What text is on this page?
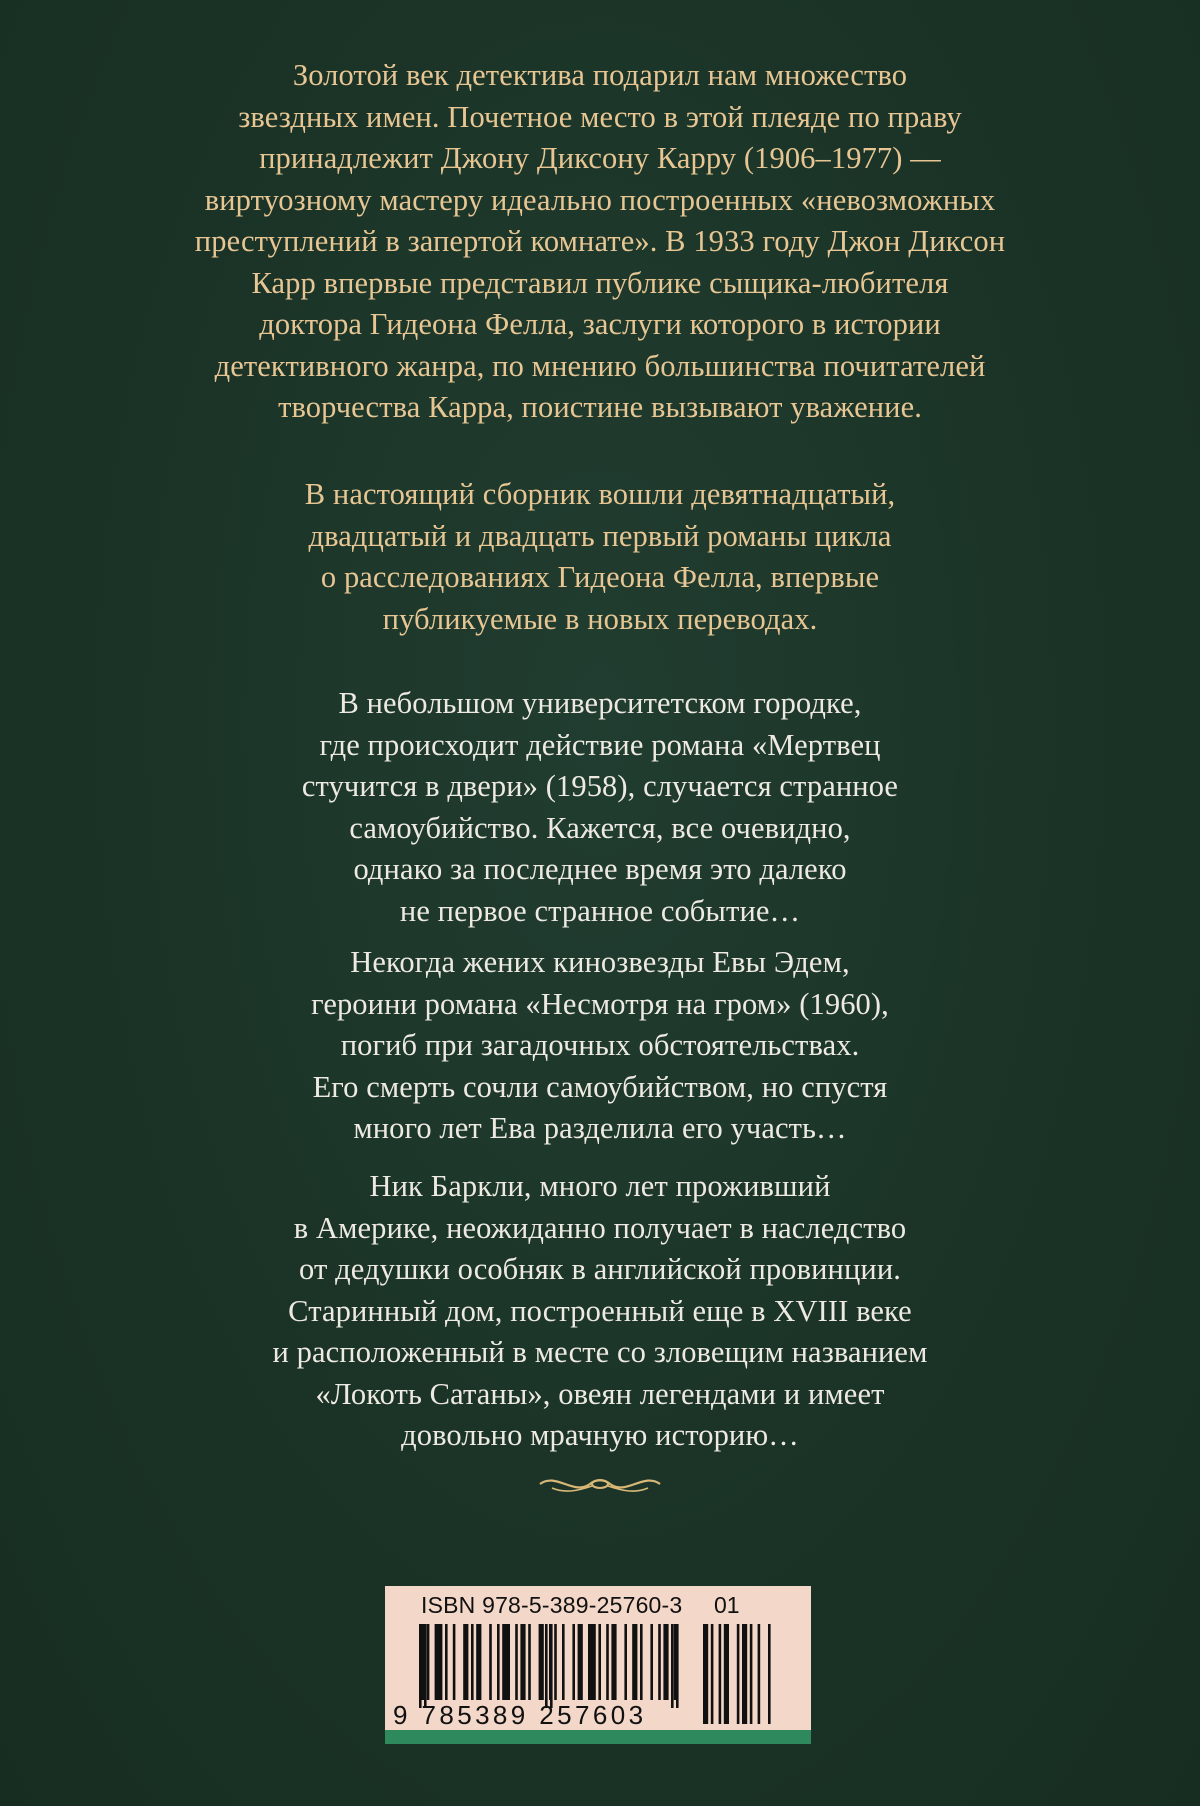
Золотой век детектива подарил нам множество
звездных имен. Почетное место в этой плеяде по праву
принадлежит Джону Диксону Карру (1906–1977) —
виртуозному мастеру идеально построенных «невозможных
преступлений в запертой комнате». В 1933 году Джон Диксон
Карр впервые представил публике сыщика-любителя
доктора Гидеона Фелла, заслуги которого в истории
детективного жанра, по мнению большинства почитателей
творчества Карра, поистине вызывают уважение.
В настоящий сборник вошли девятнадцатый,
двадцатый и двадцать первый романы цикла
о расследованиях Гидеона Фелла, впервые
публикуемые в новых переводах.
В небольшом университетском городке,
где происходит действие романа «Мертвец
стучится в двери» (1958), случается странное
самоубийство. Кажется, все очевидно,
однако за последнее время это далеко
не первое странное событие…
Некогда жених кинозвезды Евы Эдем,
героини романа «Несмотря на гром» (1960),
погиб при загадочных обстоятельствах.
Его смерть сочли самоубийством, но спустя
много лет Ева разделила его участь…
Ник Баркли, много лет проживший
в Америке, неожиданно получает в наследство
от дедушки особняк в английской провинции.
Старинный дом, построенный еще в XVIII веке
и расположенный в месте со зловещим названием
«Локоть Сатаны», овеян легендами и имеет
довольно мрачную историю…
ISBN 978-5-389-25760-3 01
9 785389 257603
